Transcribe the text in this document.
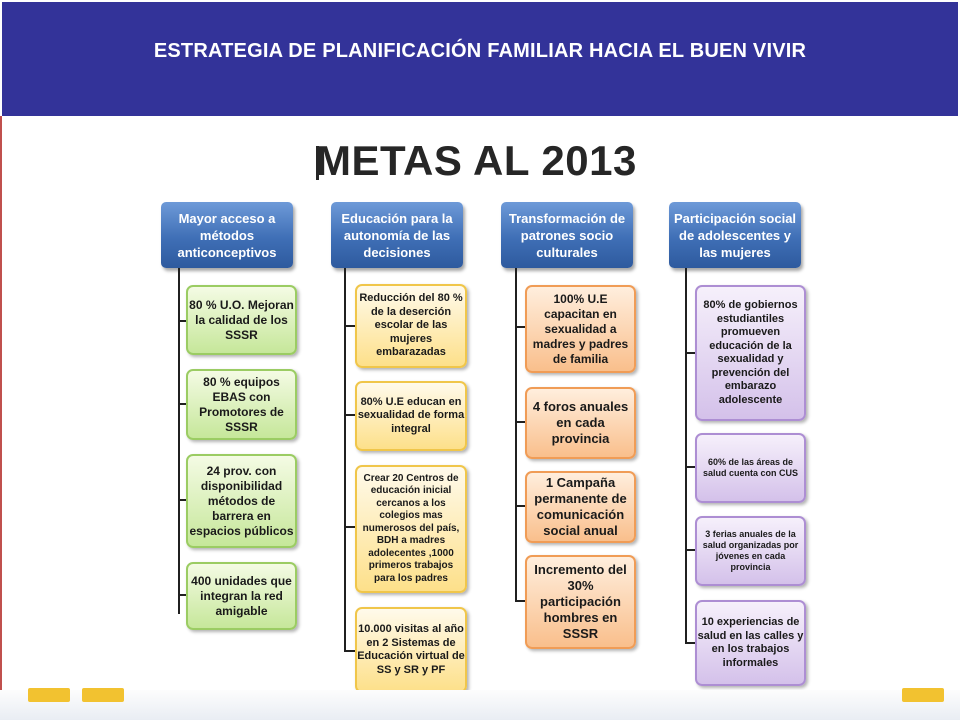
ESTRATEGIA DE PLANIFICACIÓN FAMILIAR HACIA EL BUEN VIVIR
METAS AL 2013
Mayor acceso a métodos anticonceptivos
80 % U.O. Mejoran la calidad de los SSSR
80 % equipos EBAS con Promotores de SSSR
24 prov. con disponibilidad métodos de barrera en espacios públicos
400 unidades que integran la red amigable
Educación para la autonomía de las decisiones
Reducción del 80 % de la deserción escolar de las mujeres embarazadas
80% U.E educan en sexualidad de forma integral
Crear 20 Centros de educación inicial cercanos a los colegios mas numerosos del país, BDH a madres adolecentes ,1000 primeros trabajos para los padres
10.000 visitas al año en 2 Sistemas de Educación virtual de SS y SR y PF
Transformación de patrones socio culturales
100% U.E capacitan en sexualidad a madres y padres de familia
4 foros anuales en cada provincia
1 Campaña permanente de comunicación social anual
Incremento del 30% participación hombres en SSSR
Participación social de adolescentes y las mujeres
80% de gobiernos estudiantiles promueven educación de la sexualidad y prevención del embarazo adolescente
60% de las áreas de salud cuenta con CUS
3 ferias anuales de la salud organizadas por jóvenes en cada provincia
10 experiencias de salud en las calles y en los trabajos informales
